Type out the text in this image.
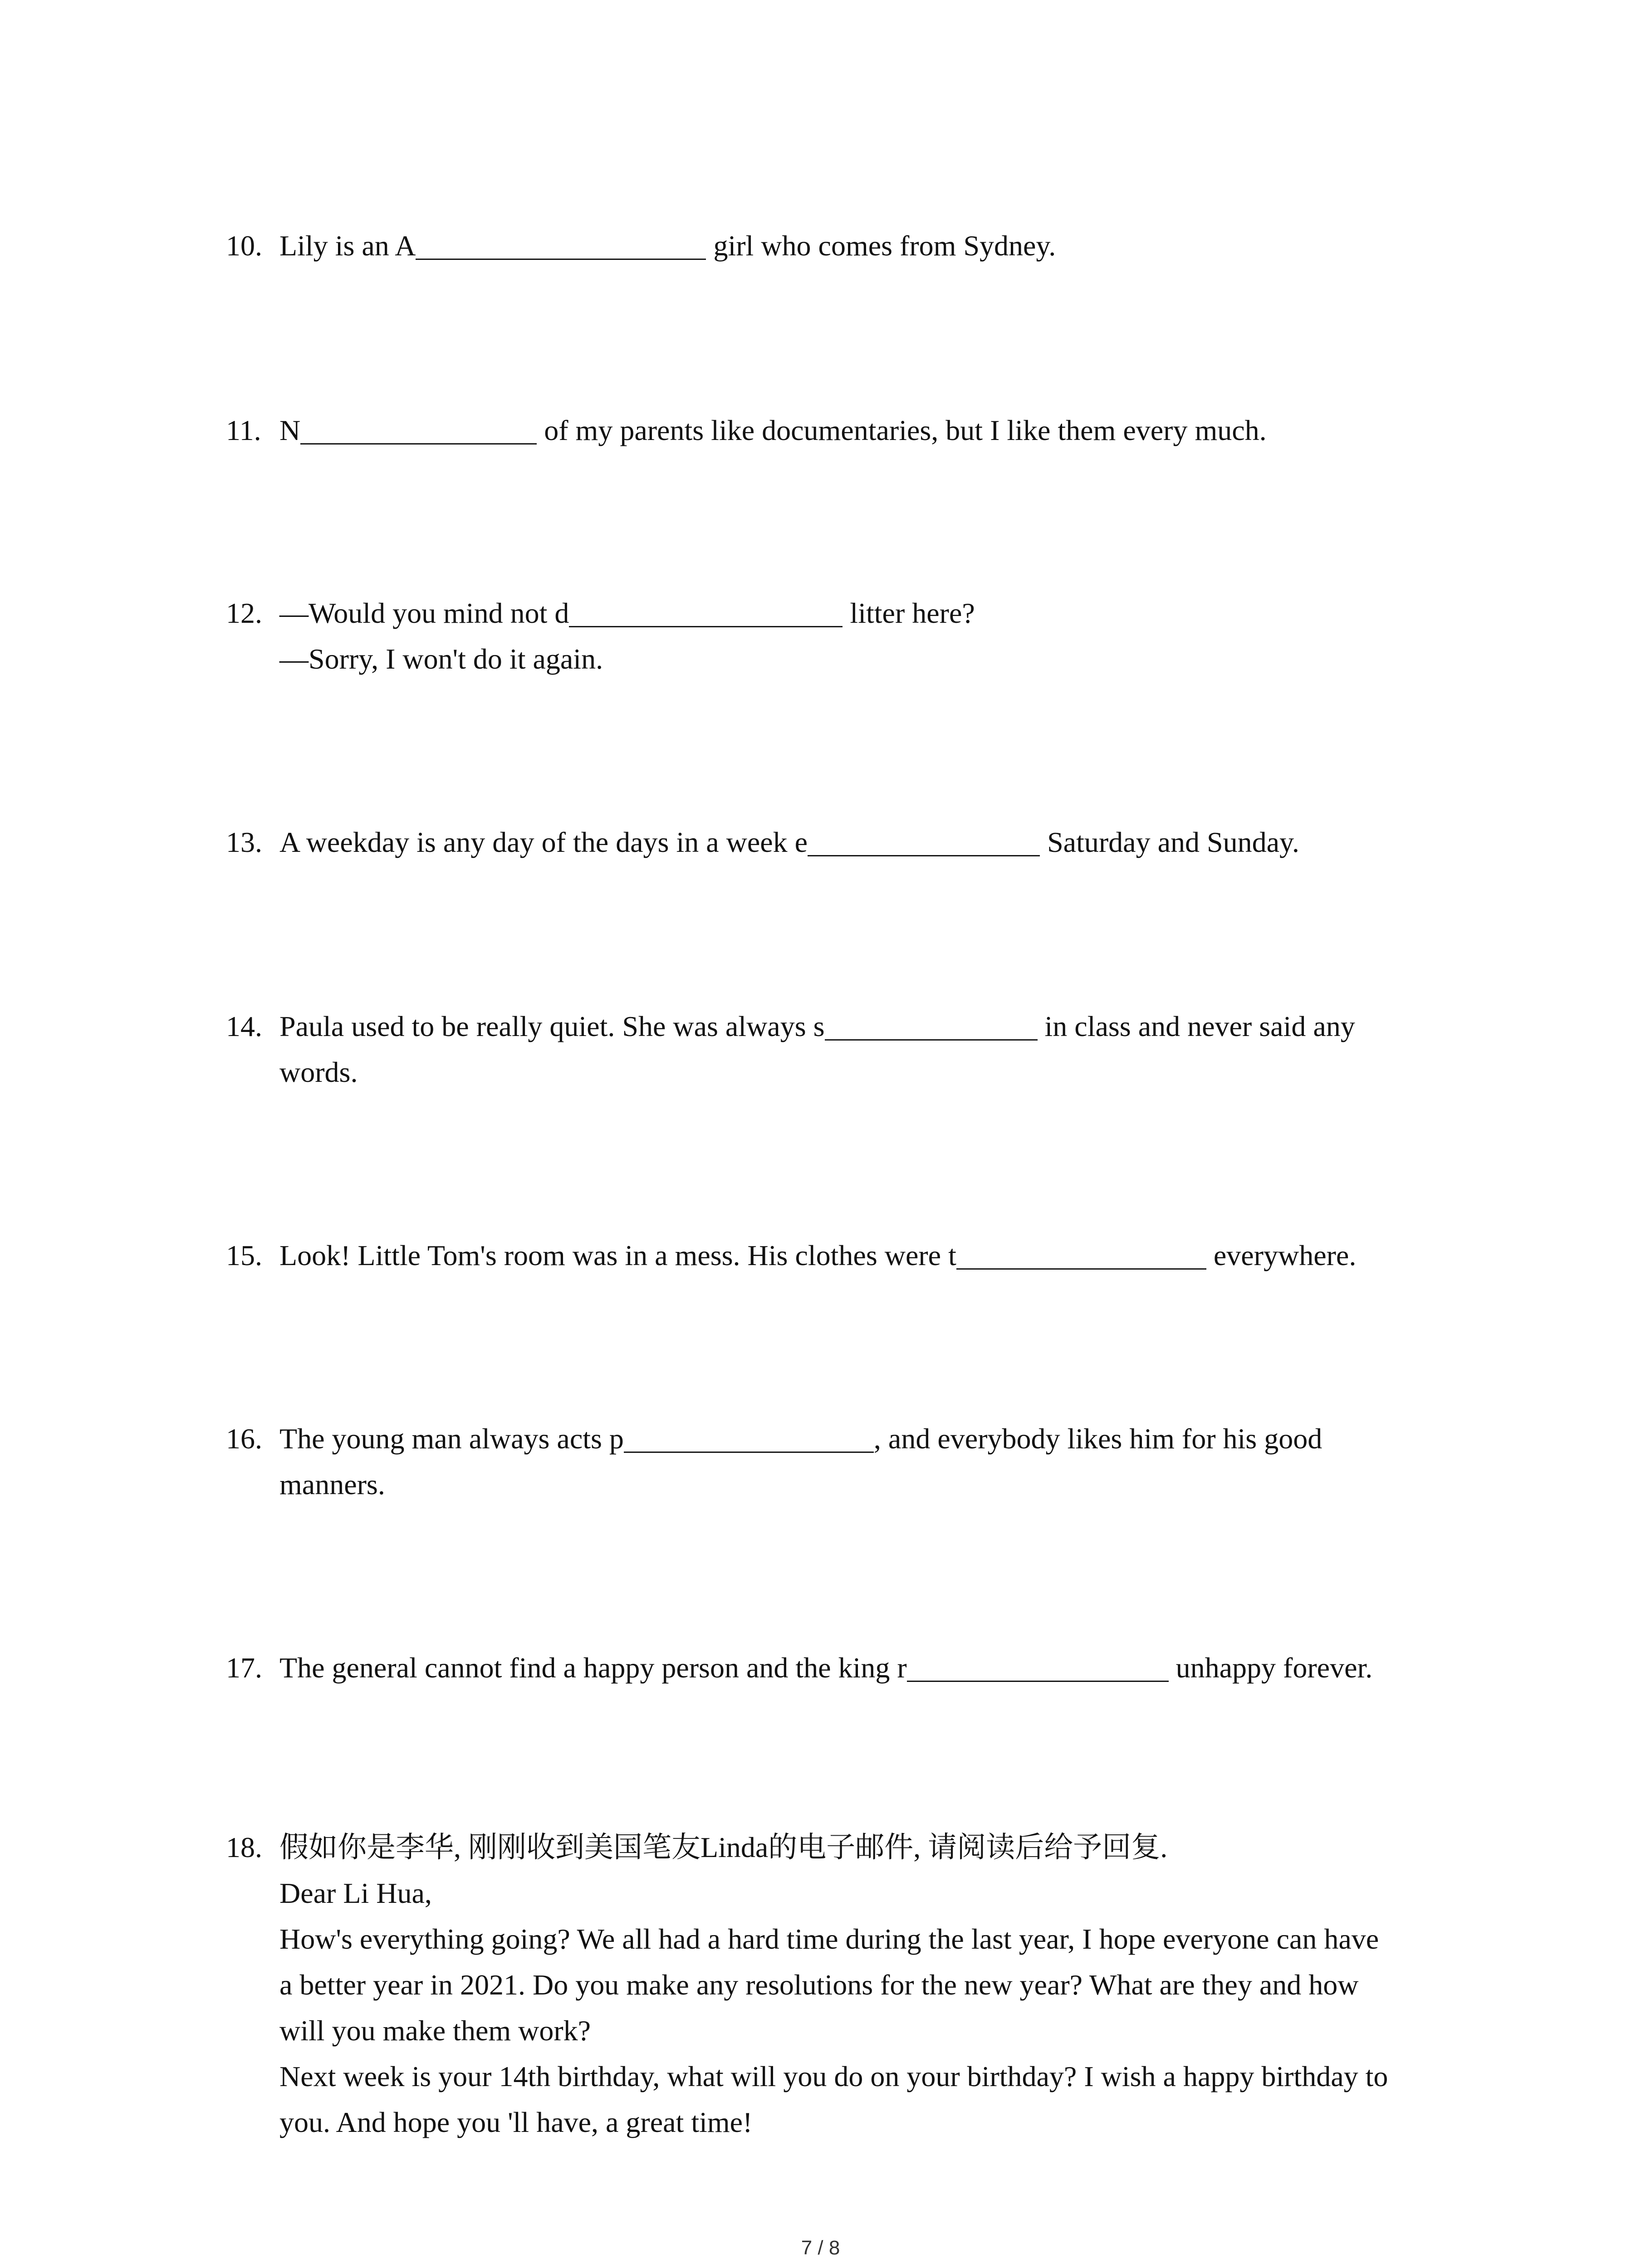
10. Lily is an A	girl who comes from Sydney.
11. N	of my parents like documentaries, but I like them every much.
12. —Would you mind not d	litter here?
—Sorry, I won't do it again.
13. A weekday is any day of the days in a week e	Saturday and Sunday.
14. Paula used to be really quiet. She was always s	in class and never said any
words.
15. Look! Little Tom's room was in a mess. His clothes were t	everywhere.
16. The young man always acts p	, and everybody likes him for his good
manners.
17. The general cannot find a happy person and the king r	unhappy forever.
18. 假如你是李华, 刚刚收到美国笔友Linda的电子邮件, 请阅读后给予回复.
Dear Li Hua,
How's everything going? We all had a hard time during the last year, I hope everyone can have
a better year in 2021. Do you make any resolutions for the new year? What are they and how
will you make them work?
Next week is your 14th birthday, what will you do on your birthday? I wish a happy birthday to
you. And hope you 'll have, a great time!
7 / 8
